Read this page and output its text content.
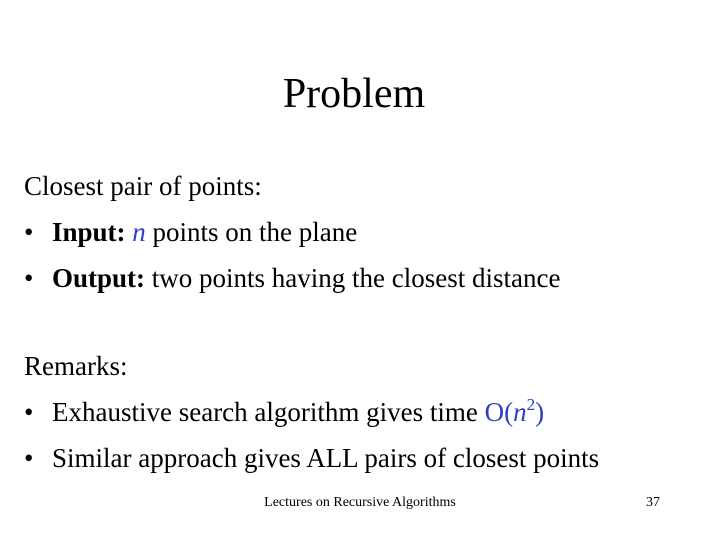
Problem
Closest pair of points:
• Input: n points on the plane
• Output: two points having the closest distance
Remarks:
• Exhaustive search algorithm gives time $O(n^2)$
• Similar approach gives ALL pairs of closest points
Lectures on Recursive Algorithms	37
